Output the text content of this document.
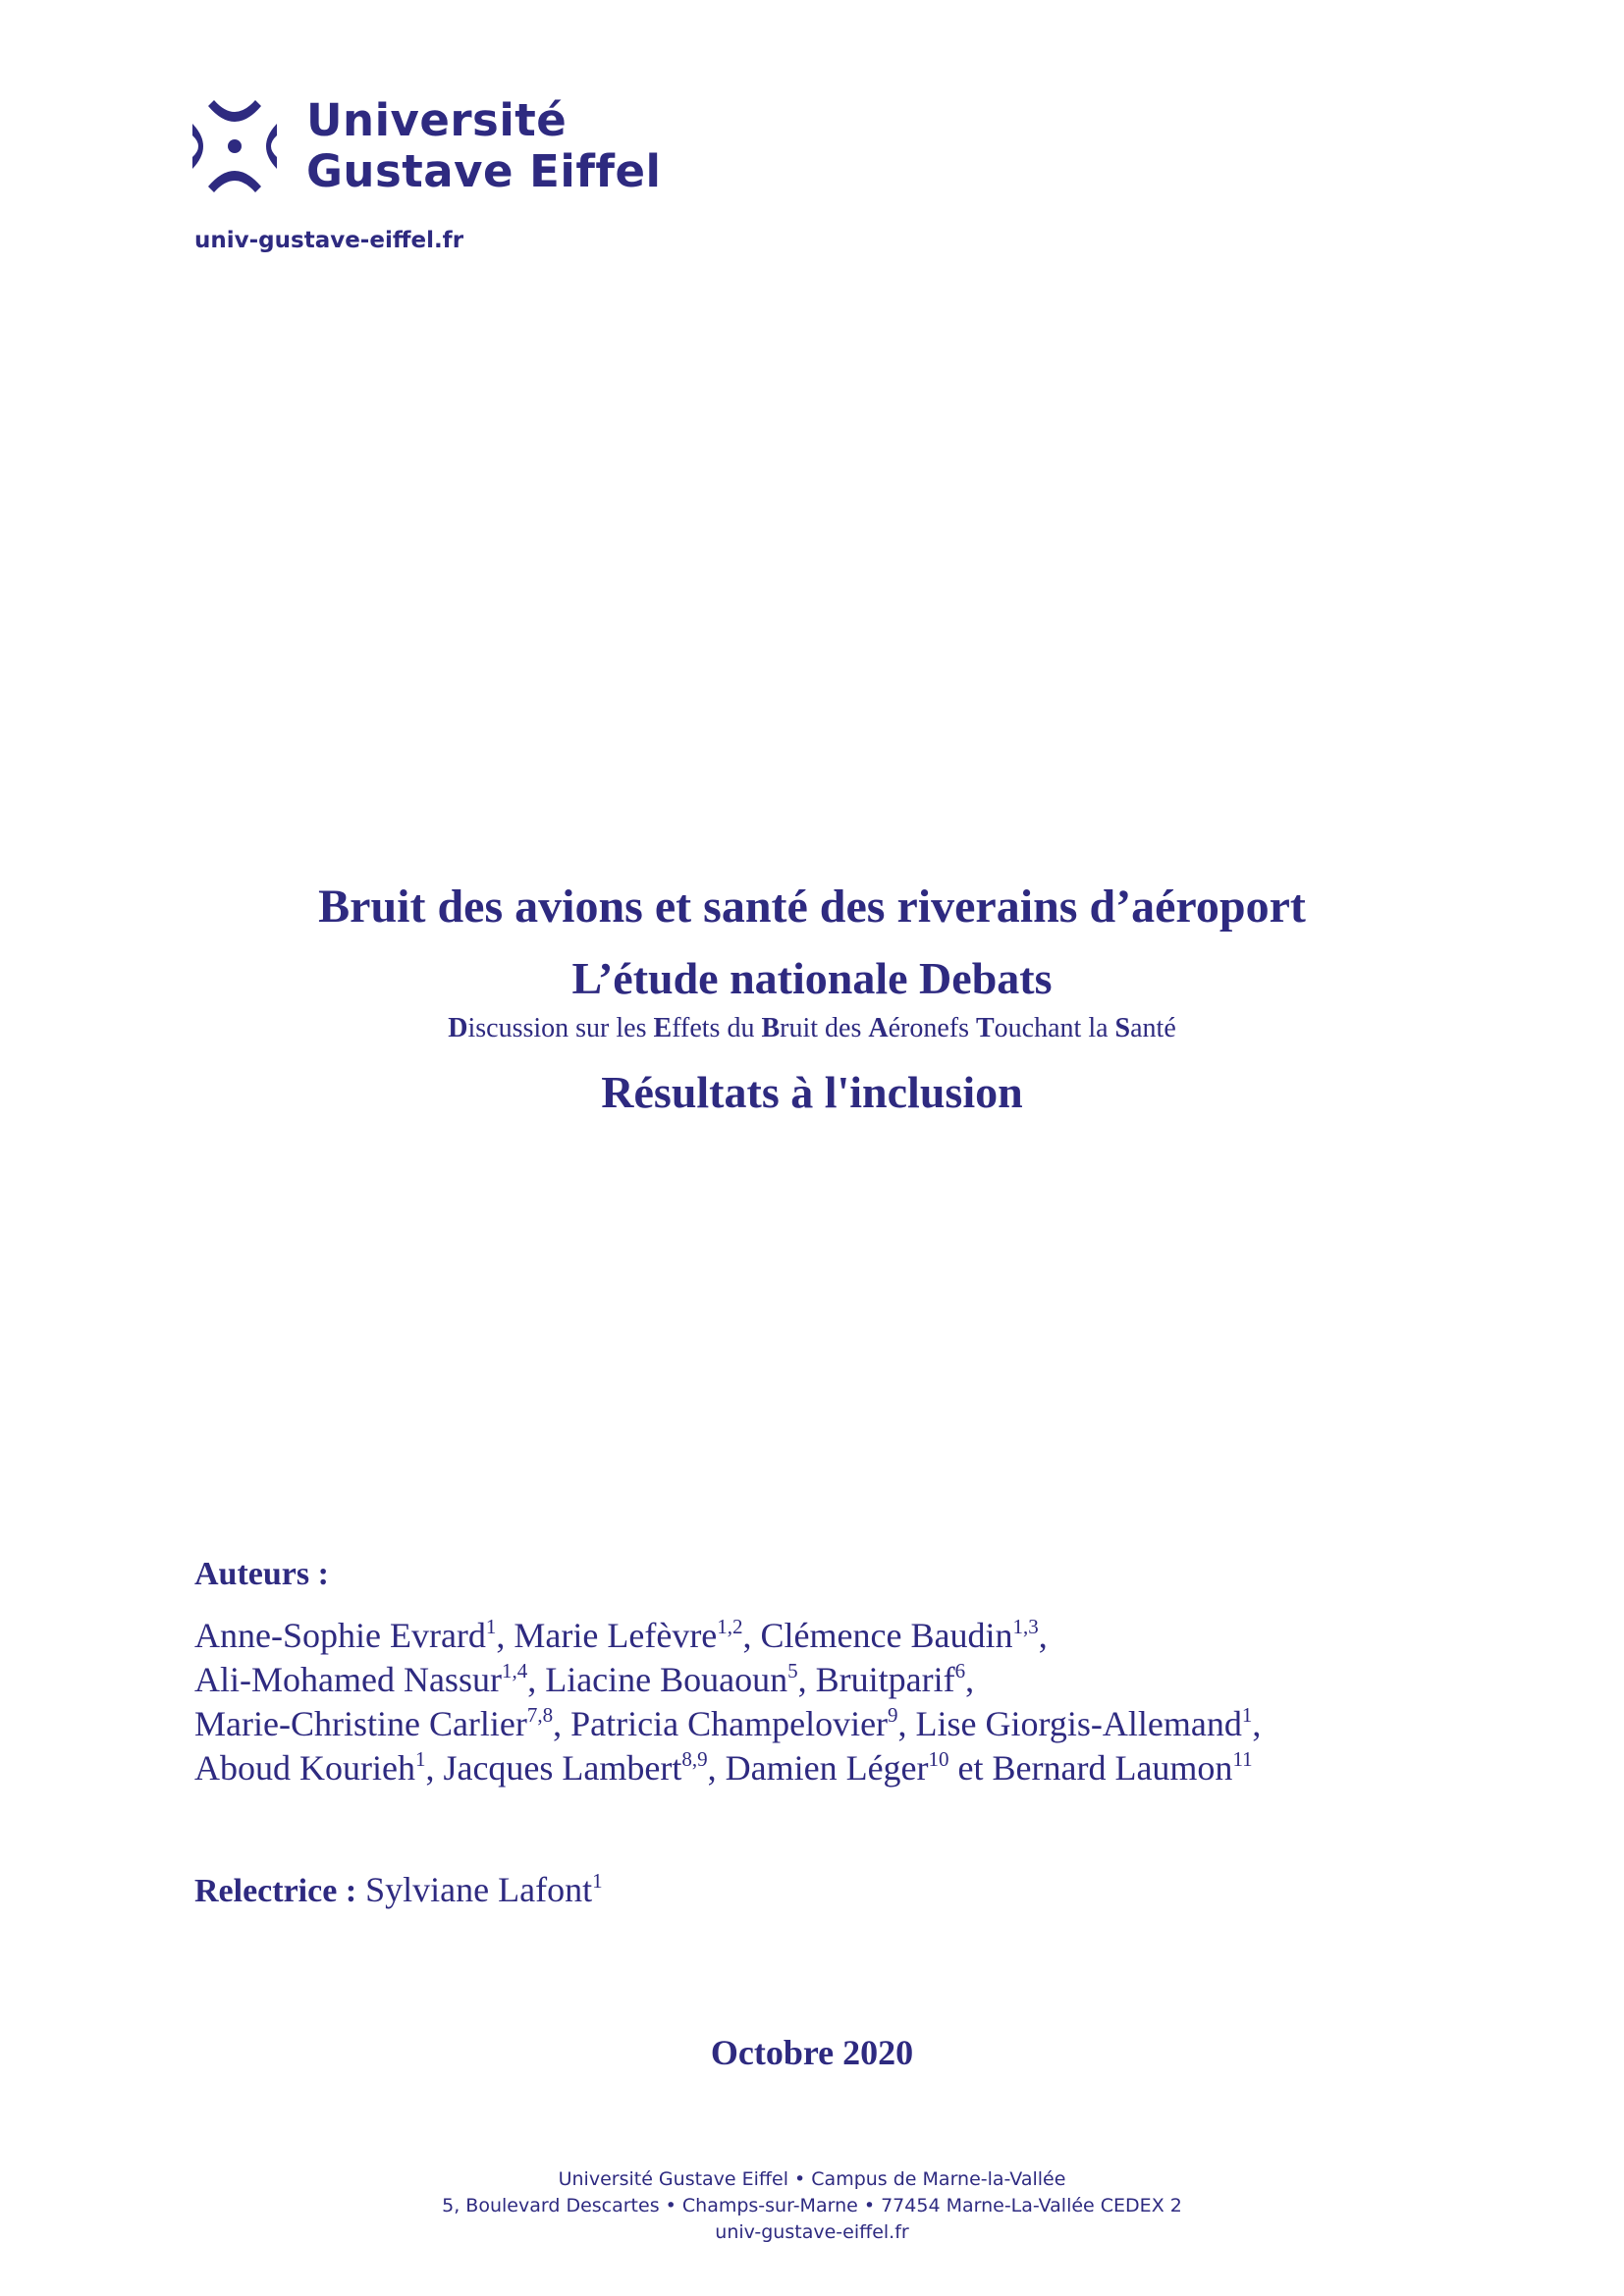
Université
Gustave Eiffel
univ-gustave-eiffel.fr
Bruit des avions et santé des riverains d’aéroport
L’étude nationale Debats
Discussion sur les Effets du Bruit des Aéronefs Touchant la Santé
Résultats à l'inclusion
Auteurs :
Anne-Sophie Evrard$^1$, Marie Lefèvre$^{1,2}$, Clémence Baudin$^{1,3}$,
Ali-Mohamed Nassur$^{1,4}$, Liacine Bouaoun$^5$, Bruitparif$^6$,
Marie-Christine Carlier$^{7,8}$, Patricia Champelovier$^9$, Lise Giorgis-Allemand$^1$,
Aboud Kourieh$^1$, Jacques Lambert$^{8,9}$, Damien Léger$^{10}$ et Bernard Laumon$^{11}$
Relectrice : Sylviane Lafont$^1$
Octobre 2020
Université Gustave Eiffel • Campus de Marne-la-Vallée
5, Boulevard Descartes • Champs-sur-Marne • 77454 Marne-La-Vallée CEDEX 2
univ-gustave-eiffel.fr
